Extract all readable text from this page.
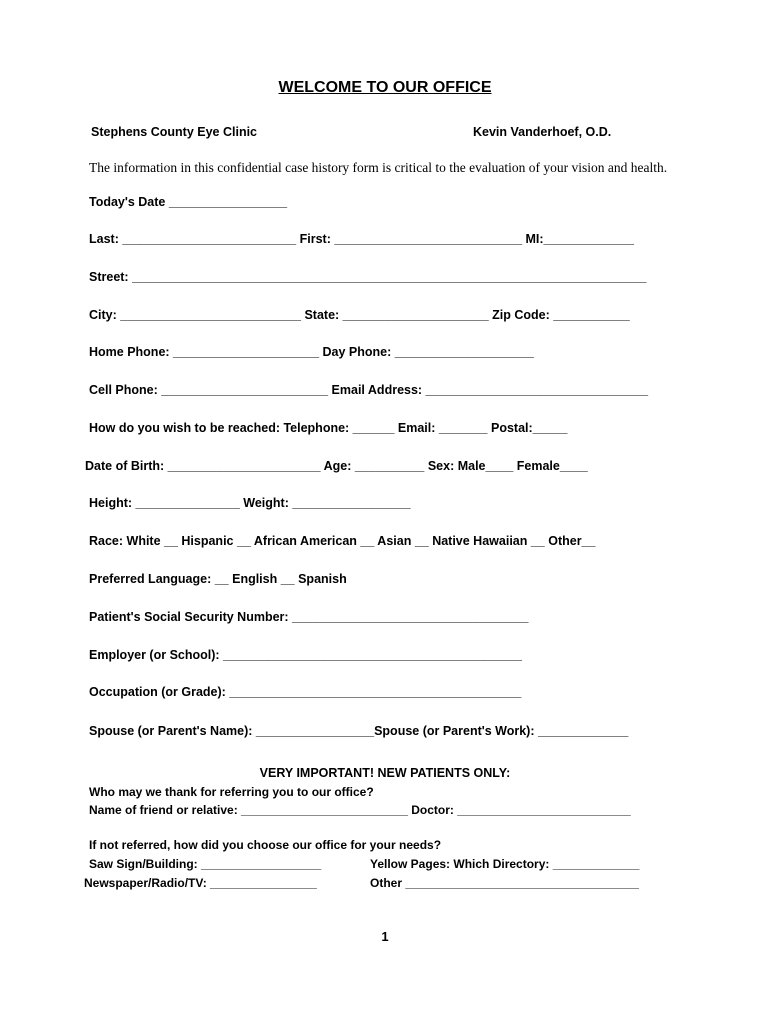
WELCOME TO OUR OFFICE
Stephens County Eye Clinic	Kevin Vanderhoef, O.D.
The information in this confidential case history form is critical to the evaluation of your vision and health.
Today's Date _________________
Last: _________________________ First: ___________________________ MI:_____________
Street: __________________________________________________________________________
City: __________________________ State: _____________________ Zip Code: ___________
Home Phone: _____________________ Day Phone: ____________________
Cell Phone: ________________________ Email Address: ________________________________
How do you wish to be reached: Telephone: ______ Email: _______ Postal:_____
Date of Birth: ______________________ Age: __________ Sex: Male____ Female____
Height: _______________ Weight: _________________
Race: White __ Hispanic __ African American __ Asian __ Native Hawaiian __ Other__
Preferred Language: __ English __ Spanish
Patient's Social Security Number: __________________________________
Employer (or School): ___________________________________________
Occupation (or Grade): __________________________________________
Spouse (or Parent's Name): _________________Spouse (or Parent's Work): _____________
VERY IMPORTANT! NEW PATIENTS ONLY:
Who may we thank for referring you to our office?
Name of friend or relative: _________________________ Doctor: __________________________
If not referred, how did you choose our office for your needs?
Saw Sign/Building: __________________	Yellow Pages: Which Directory: _____________
Newspaper/Radio/TV: ________________	Other ___________________________________
1
